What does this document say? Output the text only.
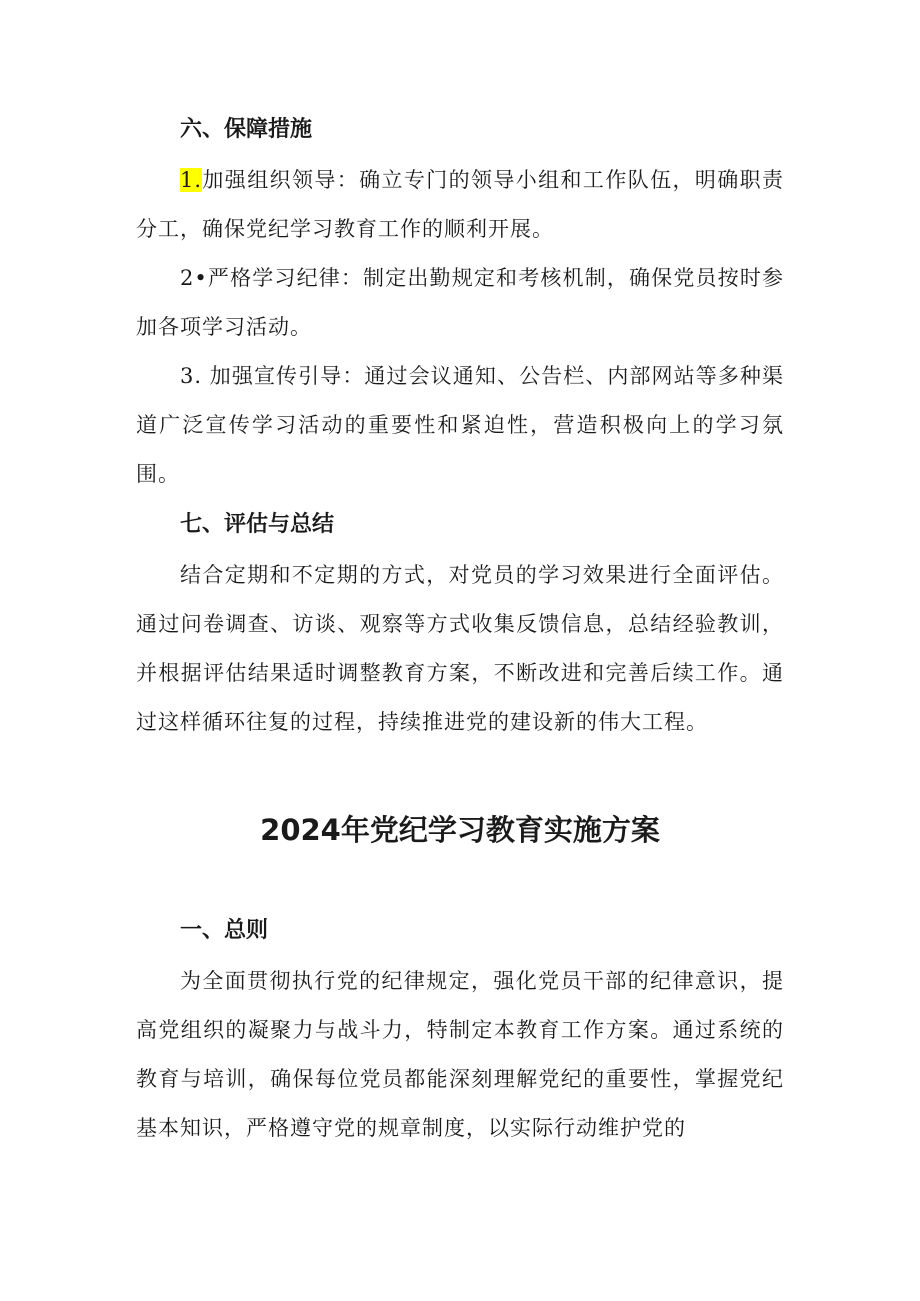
六、保障措施

1.加强组织领导：确立专门的领导小组和工作队伍，明确职责分工，确保党纪学习教育工作的顺利开展。

2•严格学习纪律：制定出勤规定和考核机制，确保党员按时参加各项学习活动。

3. 加强宣传引导：通过会议通知、公告栏、内部网站等多种渠道广泛宣传学习活动的重要性和紧迫性，营造积极向上的学习氛围。

七、评估与总结

结合定期和不定期的方式，对党员的学习效果进行全面评估。通过问卷调查、访谈、观察等方式收集反馈信息，总结经验教训，并根据评估结果适时调整教育方案，不断改进和完善后续工作。通过这样循环往复的过程，持续推进党的建设新的伟大工程。

2024年党纪学习教育实施方案
一、总则

为全面贯彻执行党的纪律规定，强化党员干部的纪律意识，提高党组织的凝聚力与战斗力，特制定本教育工作方案。通过系统的教育与培训，确保每位党员都能深刻理解党纪的重要性，掌握党纪基本知识，严格遵守党的规章制度，以实际行动维护党的
